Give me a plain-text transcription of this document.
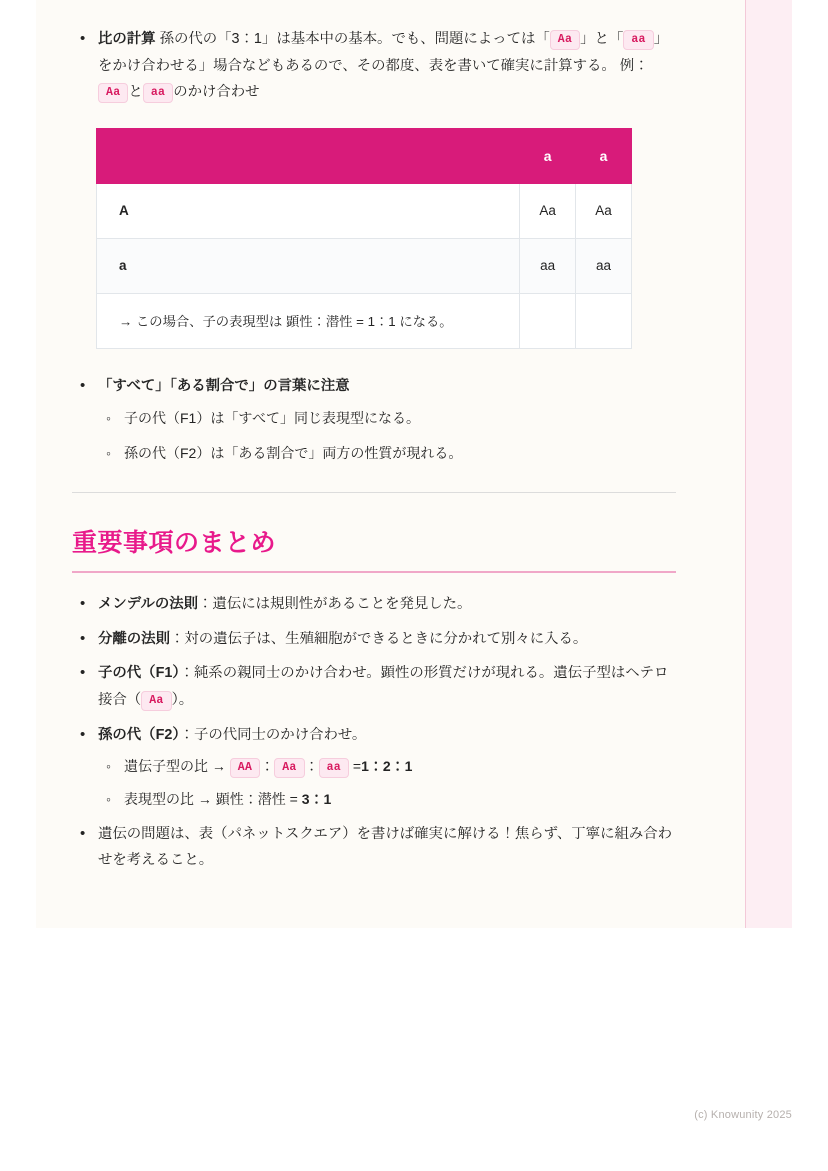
• 比の計算 孫の代の「3：1」は基本中の基本。でも、問題によっては「 Aa 」と「 aa 」をかけ合わせる」場合などもあるので、その都度、表を書いて確実に計算する。 例：Aa と aa のかけ合わせ
	a	a
A	Aa	Aa
a	aa	aa
→ この場合、子の表現型は 顕性：潜性 = 1：1 になる。		
• 「すべて」「ある割合で」の言葉に注意
◦ 子の代（F1）は「すべて」同じ表現型になる。
◦ 孫の代（F2）は「ある割合で」両方の性質が現れる。
重要事項のまとめ
• メンデルの法則：遺伝には規則性があることを発見した。
• 分離の法則：対の遺伝子は、生殖細胞ができるときに分かれて別々に入る。
• 子の代（F1）：純系の親同士のかけ合わせ。顕性の形質だけが現れる。遺伝子型はヘテロ接合（ Aa ）。
• 孫の代（F2）：子の代同士のかけ合わせ。
◦ 遺伝子型の比 → AA ： Aa ： aa =1：2：1
◦ 表現型の比 → 顕性：潜性 = 3：1
• 遺伝の問題は、表（パネットスクエア）を書けば確実に解ける！焦らず、丁寧に組み合わせを考えること。
(c) Knowunity 2025
